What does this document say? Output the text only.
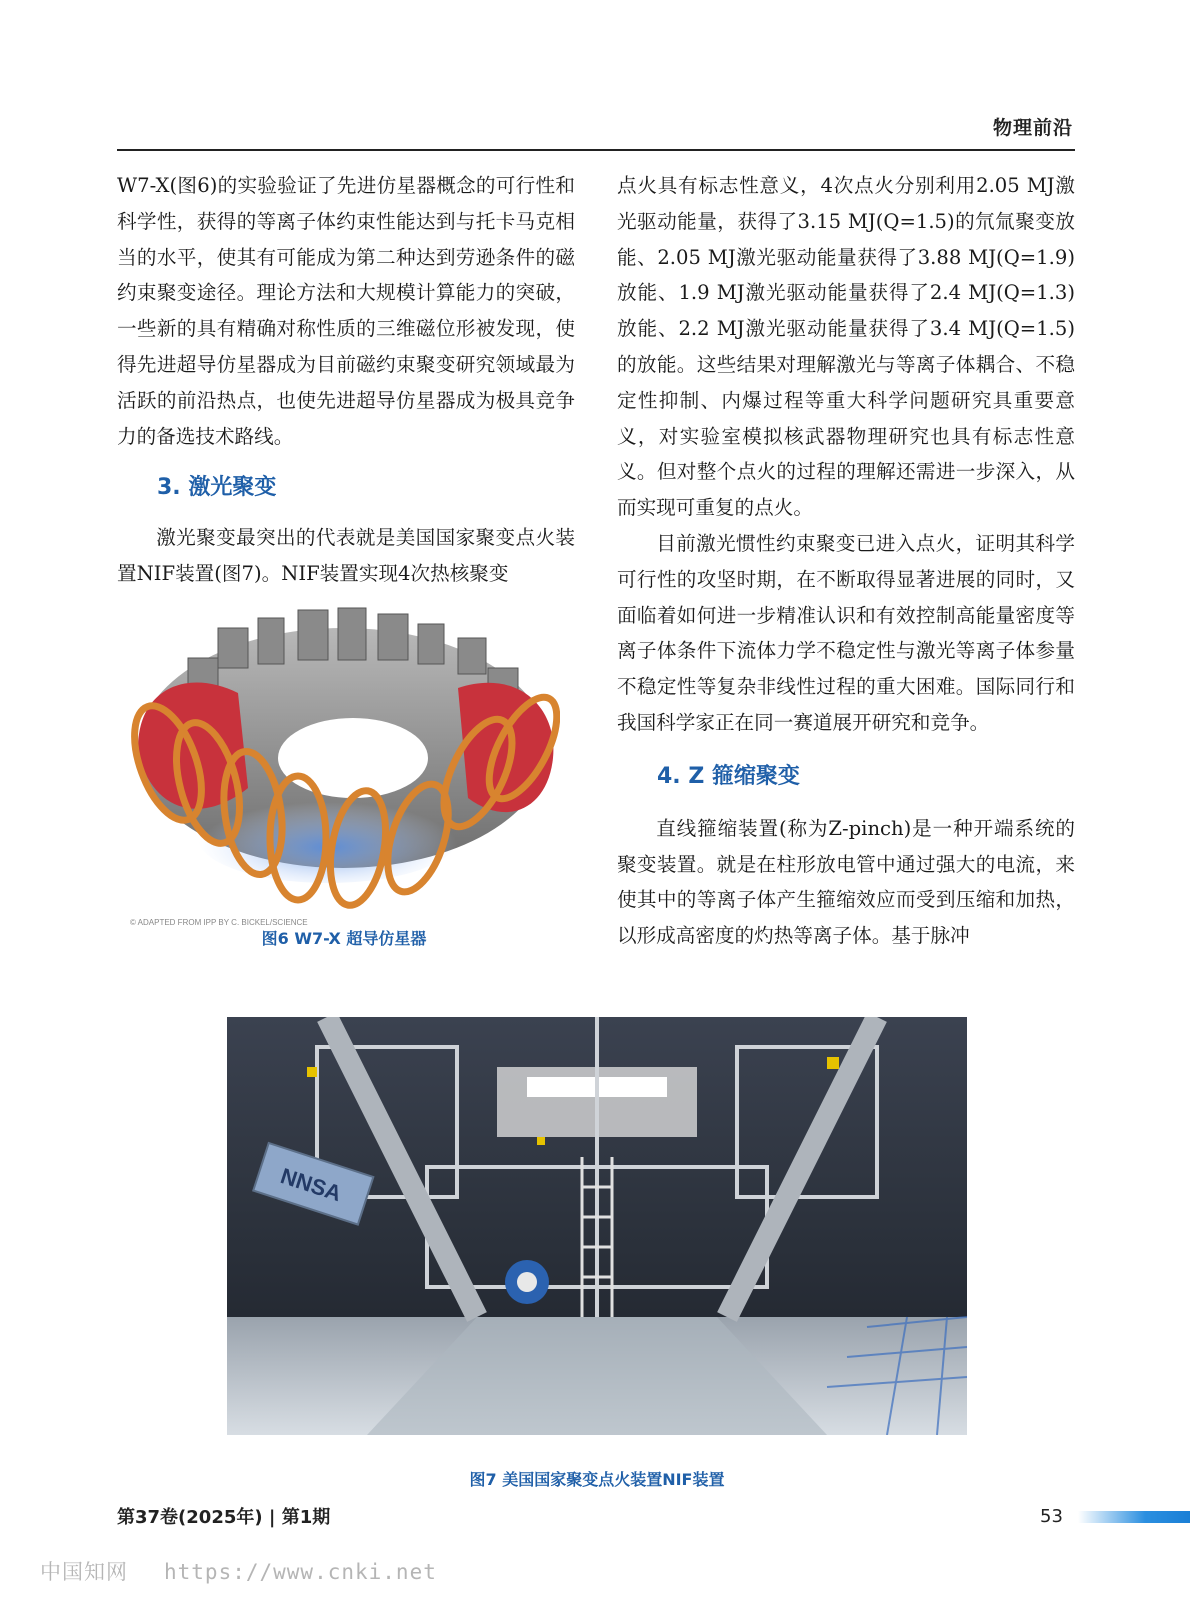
物理前沿

W7-X(图6)的实验验证了先进仿星器概念的可行性和科学性，获得的等离子体约束性能达到与托卡马克相当的水平，使其有可能成为第二种达到劳逊条件的磁约束聚变途径。理论方法和大规模计算能力的突破，一些新的具有精确对称性质的三维磁位形被发现，使得先进超导仿星器成为目前磁约束聚变研究领域最为活跃的前沿热点，也使先进超导仿星器成为极具竞争力的备选技术路线。

3. 激光聚变

激光聚变最突出的代表就是美国国家聚变点火装置NIF装置(图7)。NIF装置实现4次热核聚变

© ADAPTED FROM IPP BY C. BICKEL/SCIENCE
图6 W7-X 超导仿星器

点火具有标志性意义，4次点火分别利用2.05 MJ激光驱动能量，获得了3.15 MJ(Q=1.5)的氘氚聚变放能、2.05 MJ激光驱动能量获得了3.88 MJ(Q=1.9)放能、1.9 MJ激光驱动能量获得了2.4 MJ(Q=1.3)放能、2.2 MJ激光驱动能量获得了3.4 MJ(Q=1.5)的放能。这些结果对理解激光与等离子体耦合、不稳定性抑制、内爆过程等重大科学问题研究具重要意义，对实验室模拟核武器物理研究也具有标志性意义。但对整个点火的过程的理解还需进一步深入，从而实现可重复的点火。

目前激光惯性约束聚变已进入点火，证明其科学可行性的攻坚时期，在不断取得显著进展的同时，又面临着如何进一步精准认识和有效控制高能量密度等离子体条件下流体力学不稳定性与激光等离子体参量不稳定性等复杂非线性过程的重大困难。国际同行和我国科学家正在同一赛道展开研究和竞争。

4. Z 箍缩聚变

直线箍缩装置(称为Z-pinch)是一种开端系统的聚变装置。就是在柱形放电管中通过强大的电流，来使其中的等离子体产生箍缩效应而受到压缩和加热，以形成高密度的灼热等离子体。基于脉冲

NNSA
图7 美国国家聚变点火装置NIF装置
第37卷(2025年) | 第1期	53
中国知网 https://www.cnki.net
